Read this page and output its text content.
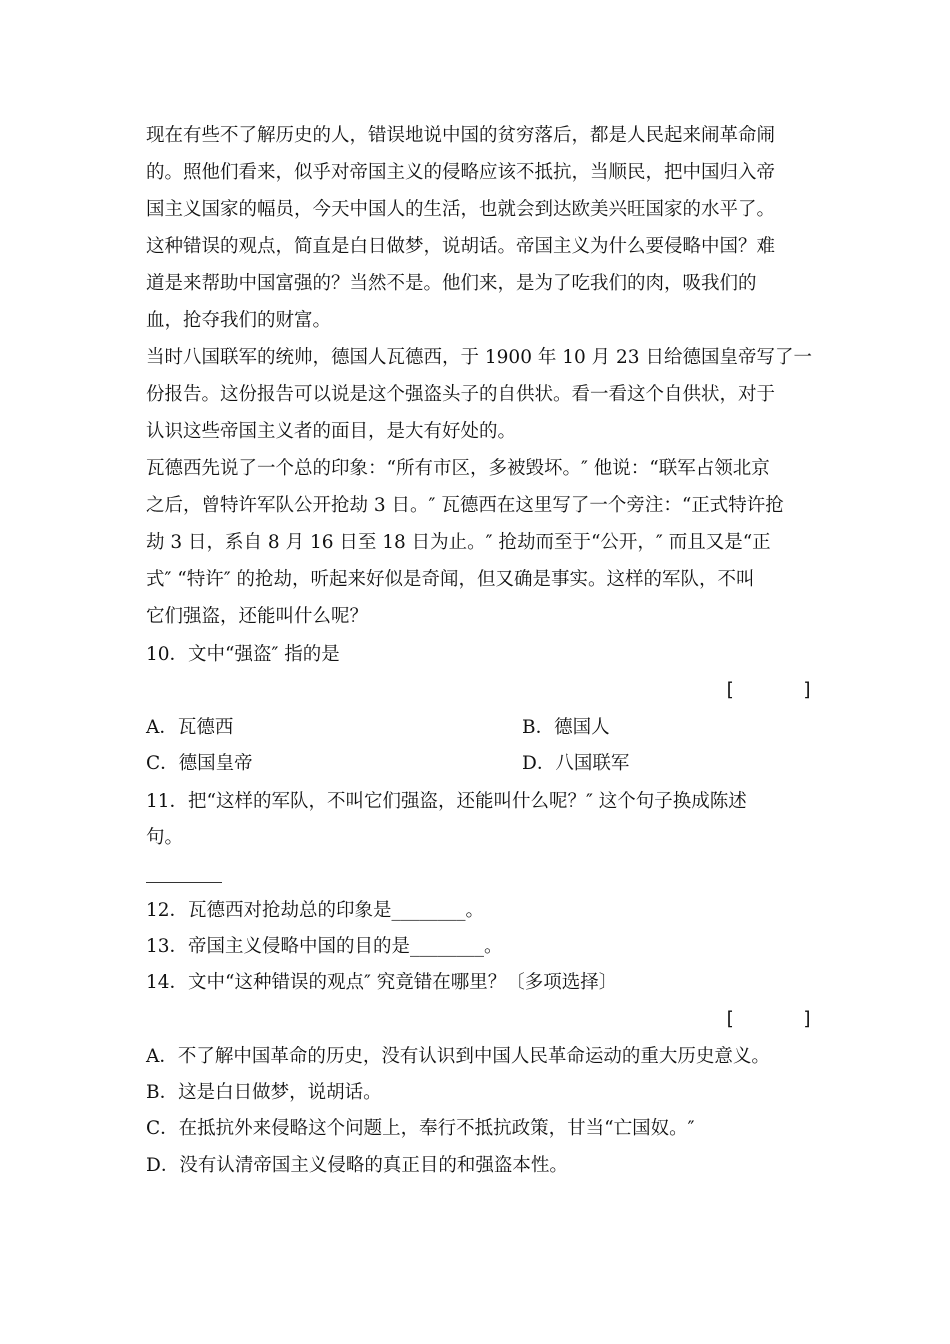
现在有些不了解历史的人，错误地说中国的贫穷落后，都是人民起来闹革命闹
的。照他们看来，似乎对帝国主义的侵略应该不抵抗，当顺民，把中国归入帝
国主义国家的幅员，今天中国人的生活，也就会到达欧美兴旺国家的水平了。
这种错误的观点，简直是白日做梦，说胡话。帝国主义为什么要侵略中国？难
道是来帮助中国富强的？当然不是。他们来，是为了吃我们的肉，吸我们的
血，抢夺我们的财富。
当时八国联军的统帅，德国人瓦德西，于 1900 年 10 月 23 日给德国皇帝写了一
份报告。这份报告可以说是这个强盗头子的自供状。看一看这个自供状，对于
认识这些帝国主义者的面目，是大有好处的。
瓦德西先说了一个总的印象：“所有市区，多被毁坏。″ 他说：“联军占领北京
之后，曾特许军队公开抢劫 3 日。″ 瓦德西在这里写了一个旁注：“正式特许抢
劫 3 日，系自 8 月 16 日至 18 日为止。″ 抢劫而至于“公开，″ 而且又是“正
式″ “特许″ 的抢劫，听起来好似是奇闻，但又确是事实。这样的军队，不叫
它们强盗，还能叫什么呢？
10．文中“强盗″ 指的是
[      ]
A．瓦德西	B．德国人
C．德国皇帝	D．八国联军
11．把“这样的军队，不叫它们强盗，还能叫什么呢？″ 这个句子换成陈述
句。
12．瓦德西对抢劫总的印象是________。
13．帝国主义侵略中国的目的是________。
14．文中“这种错误的观点″ 究竟错在哪里？〔多项选择〕
[      ]
A．不了解中国革命的历史，没有认识到中国人民革命运动的重大历史意义。
B．这是白日做梦，说胡话。
C．在抵抗外来侵略这个问题上，奉行不抵抗政策，甘当“亡国奴。″
D．没有认清帝国主义侵略的真正目的和强盗本性。
